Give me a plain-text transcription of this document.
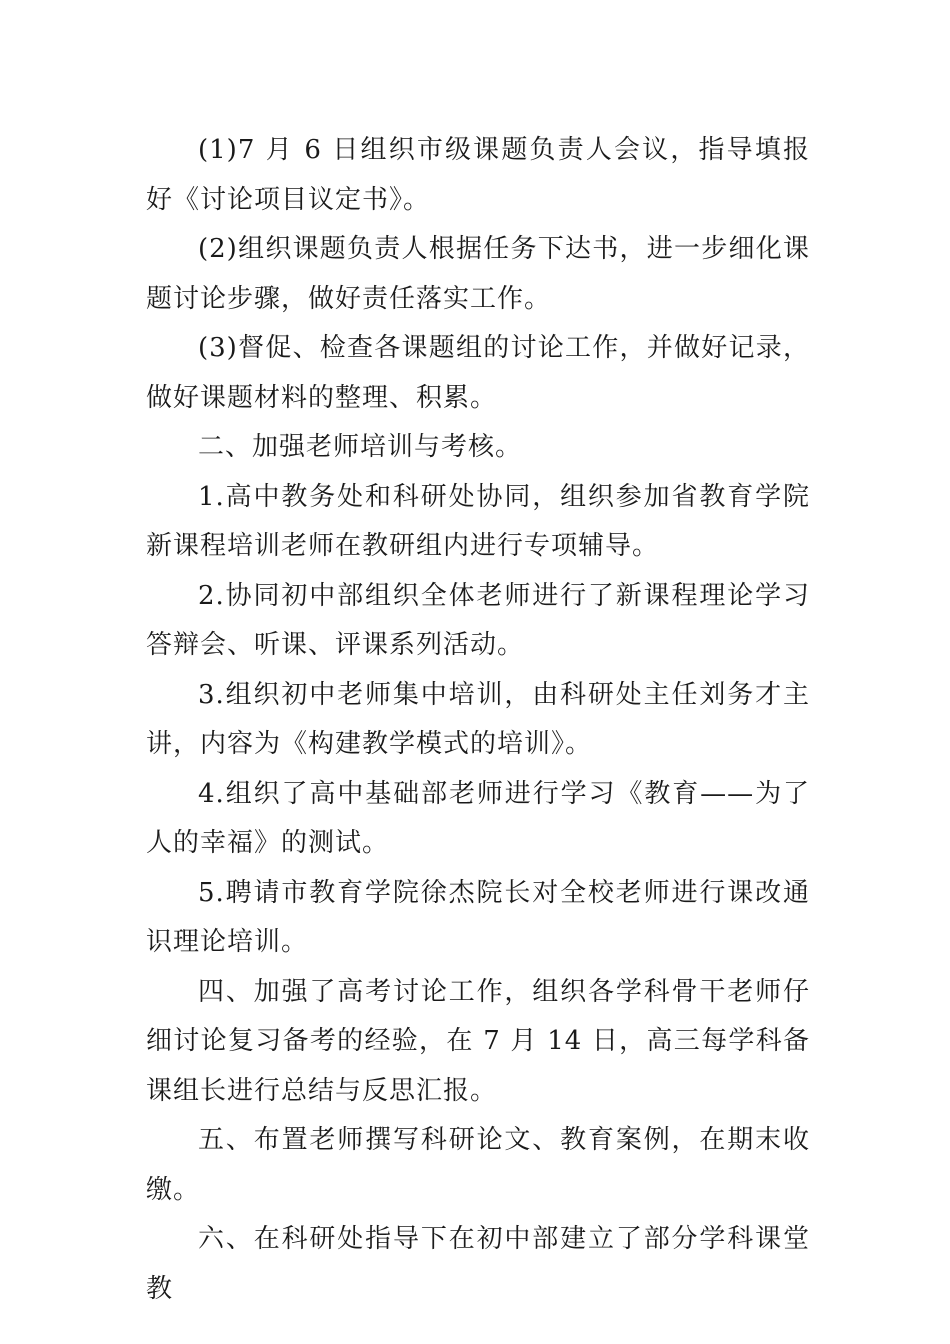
(1)7 月 6 日组织市级课题负责人会议，指导填报好《讨论项目议定书》。

(2)组织课题负责人根据任务下达书，进一步细化课题讨论步骤，做好责任落实工作。

(3)督促、检查各课题组的讨论工作，并做好记录，做好课题材料的整理、积累。

二、加强老师培训与考核。

1.高中教务处和科研处协同，组织参加省教育学院新课程培训老师在教研组内进行专项辅导。

2.协同初中部组织全体老师进行了新课程理论学习答辩会、听课、评课系列活动。

3.组织初中老师集中培训，由科研处主任刘务才主讲，内容为《构建教学模式的培训》。

4.组织了高中基础部老师进行学习《教育——为了人的幸福》的测试。

5.聘请市教育学院徐杰院长对全校老师进行课改通识理论培训。

四、加强了高考讨论工作，组织各学科骨干老师仔细讨论复习备考的经验，在 7 月 14 日，高三每学科备课组长进行总结与反思汇报。

五、布置老师撰写科研论文、教育案例，在期末收缴。

六、在科研处指导下在初中部建立了部分学科课堂教
